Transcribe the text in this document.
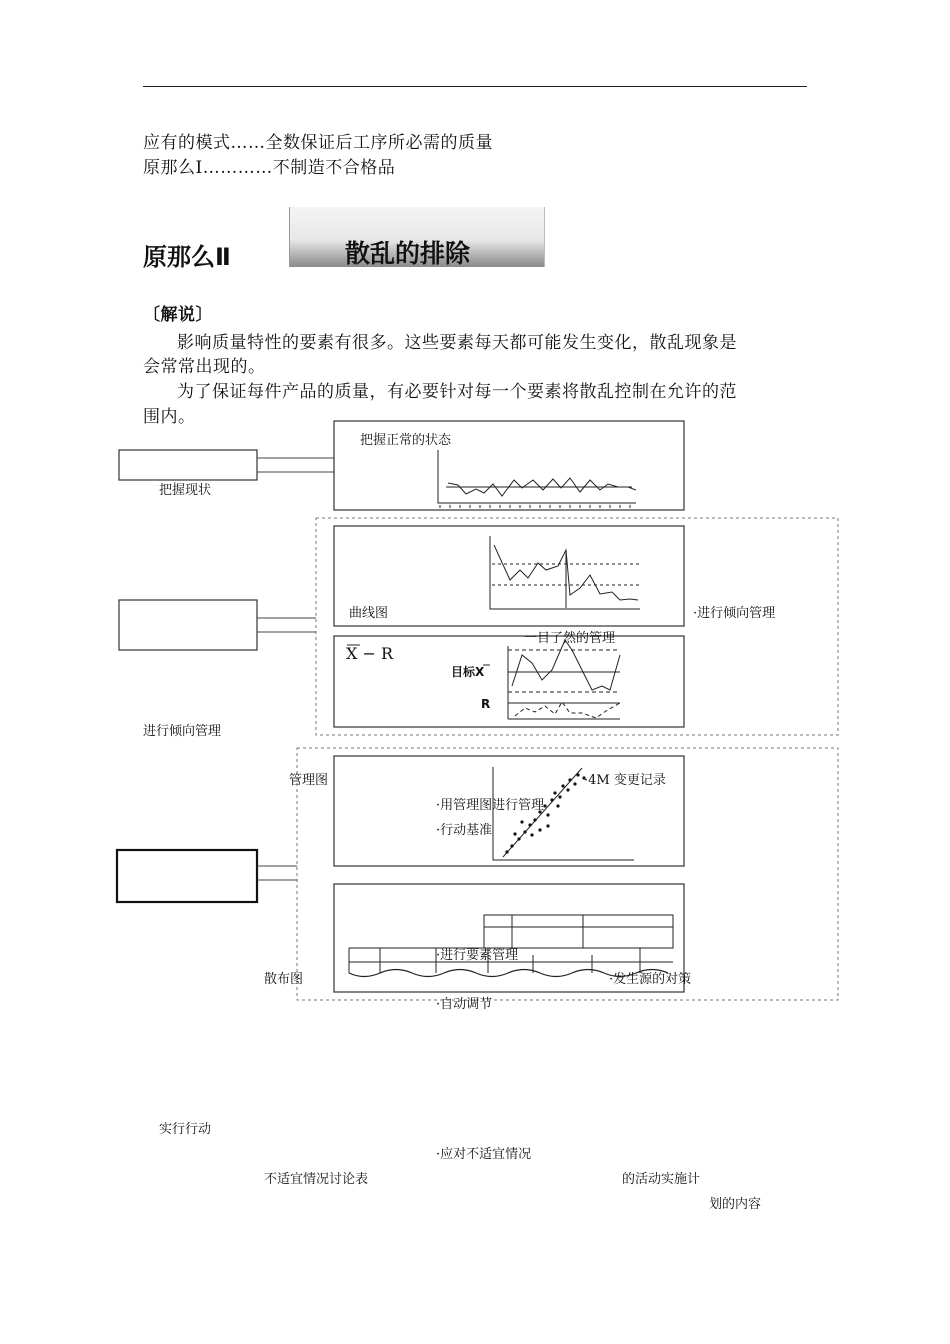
应有的模式……全数保证后工序所必需的质量
原那么Ⅰ…………不制造不合格品
原那么Ⅱ	散乱的排除
〔解说〕
影响质量特性的要素有很多。这些要素每天都可能发生变化，散乱现象是
会常常出现的。
为了保证每件产品的质量，有必要针对每一个要素将散乱控制在允许的范
围内。
把握正常的状态
把握现状
曲线图	·进行倾向管理
一目了然的管理
X − R
目标X
R
进行倾向管理
管理图	·4M 变更记录
·用管理图进行管理
·行动基准
·进行要素管理
散布图	·发生源的对策
·自动调节
实行行动
·应对不适宜情况
不适宜情况讨论表	的活动实施计
划的内容
